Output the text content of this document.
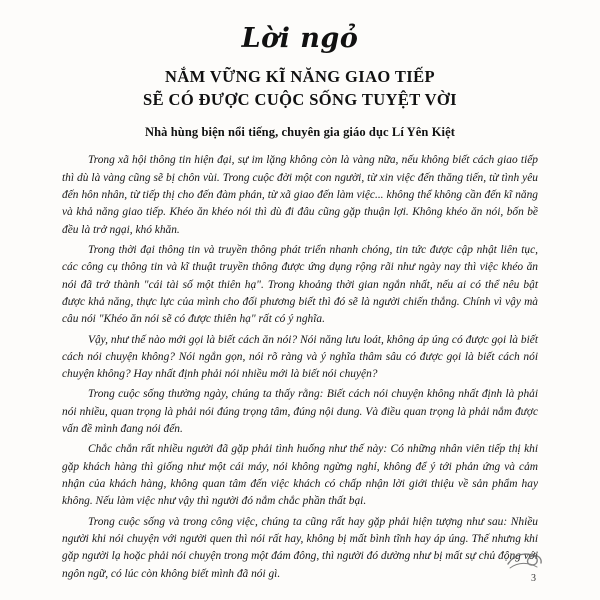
Lời ngỏ
NẮM VỮNG KĨ NĂNG GIAO TIẾP
SẼ CÓ ĐƯỢC CUỘC SỐNG TUYỆT VỜI
Nhà hùng biện nổi tiếng, chuyên gia giáo dục Lí Yên Kiệt

Trong xã hội thông tin hiện đại, sự im lặng không còn là vàng nữa, nếu không biết cách giao tiếp thì dù là vàng cũng sẽ bị chôn vùi. Trong cuộc đời một con người, từ xin việc đến thăng tiến, từ tình yêu đến hôn nhân, từ tiếp thị cho đến đàm phán, từ xã giao đến làm việc... không thể không cần đến kĩ năng và khả năng giao tiếp. Khéo ăn khéo nói thì dù đi đâu cũng gặp thuận lợi. Không khéo ăn nói, bốn bề đều là trở ngại, khó khăn.

Trong thời đại thông tin và truyền thông phát triển nhanh chóng, tin tức được cập nhật liên tục, các công cụ thông tin và kĩ thuật truyền thông được ứng dụng rộng rãi như ngày nay thì việc khéo ăn nói đã trở thành "cái tài số một thiên hạ". Trong khoảng thời gian ngắn nhất, nếu ai có thể nêu bật được khả năng, thực lực của mình cho đối phương biết thì đó sẽ là người chiến thắng. Chính vì vậy mà câu nói "Khéo ăn nói sẽ có được thiên hạ" rất có ý nghĩa.

Vậy, như thế nào mới gọi là biết cách ăn nói? Nói năng lưu loát, không áp úng có được gọi là biết cách nói chuyện không? Nói ngắn gọn, nói rõ ràng và ý nghĩa thâm sâu có được gọi là biết cách nói chuyện không? Hay nhất định phải nói nhiều mới là biết nói chuyện?

Trong cuộc sống thường ngày, chúng ta thấy rằng: Biết cách nói chuyện không nhất định là phải nói nhiều, quan trọng là phải nói đúng trọng tâm, đúng nội dung. Và điều quan trọng là phải nắm được vấn đề mình đang nói đến.

Chắc chắn rất nhiều người đã gặp phải tình huống như thế này: Có những nhân viên tiếp thị khi gặp khách hàng thì giống như một cái máy, nói không ngừng nghỉ, không để ý tới phản ứng và cảm nhận của khách hàng, không quan tâm đến việc khách có chấp nhận lời giới thiệu về sản phẩm hay không. Nếu làm việc như vậy thì người đó nắm chắc phần thất bại.

Trong cuộc sống và trong công việc, chúng ta cũng rất hay gặp phải hiện tượng như sau: Nhiều người khi nói chuyện với người quen thì nói rất hay, không bị mất bình tĩnh hay áp úng. Thế nhưng khi gặp người lạ hoặc phải nói chuyện trong một đám đông, thì người đó dường như bị mất sự chủ động với ngôn ngữ, có lúc còn không biết mình đã nói gì.	3
